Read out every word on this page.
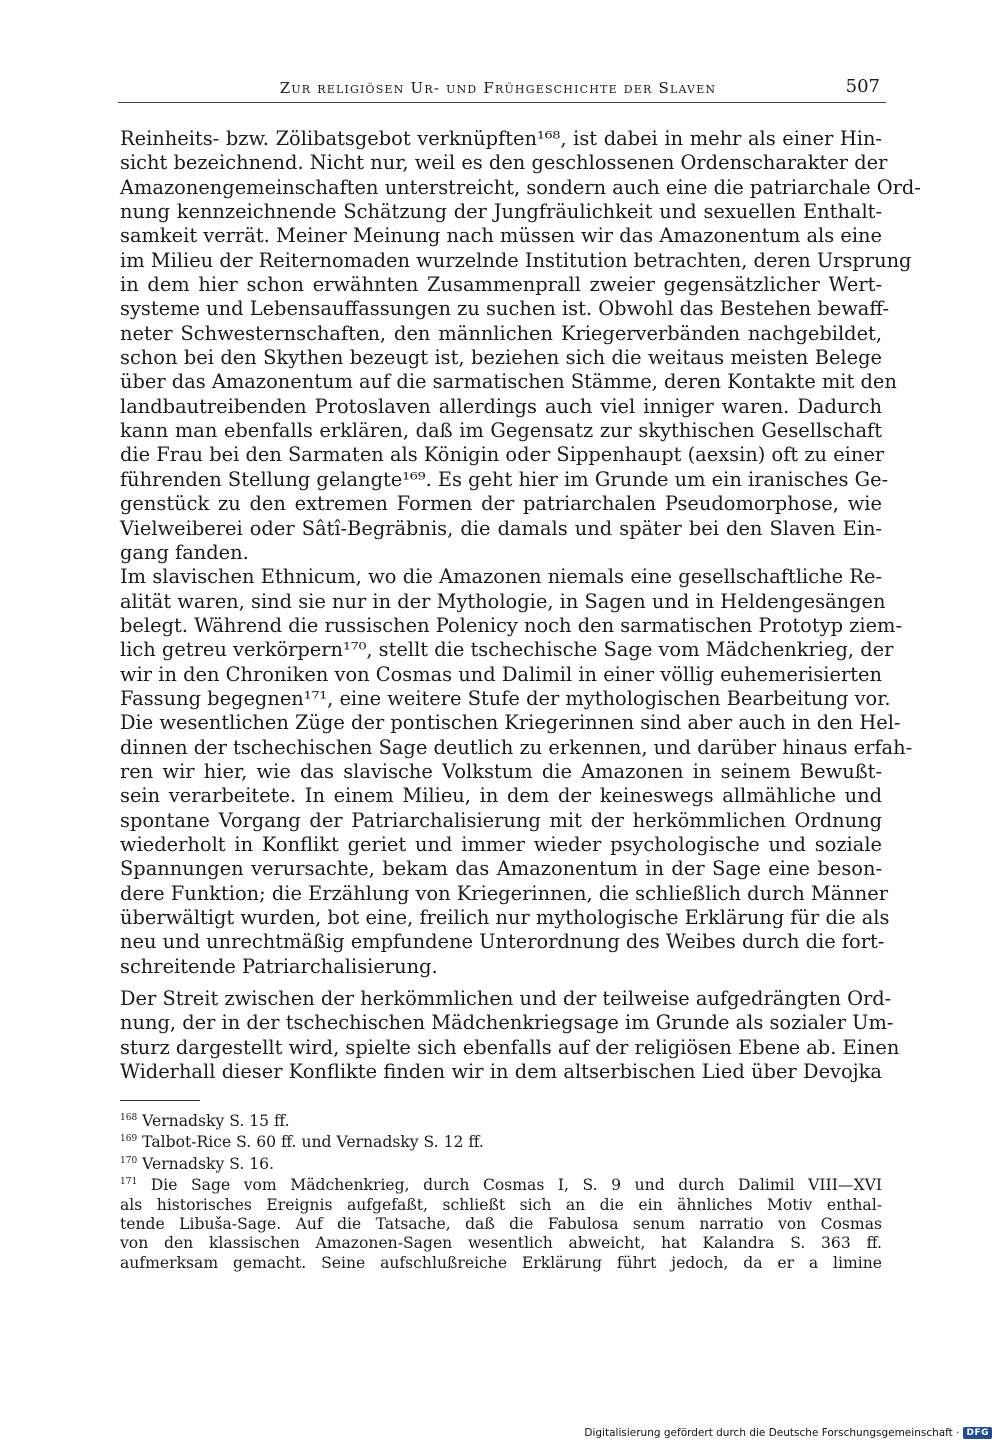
Zur religiösen Ur- und Frühgeschichte der Slaven	507

Reinheits- bzw. Zölibatsgebot verknüpften¹⁶⁸, ist dabei in mehr als einer Hin-
sicht bezeichnend. Nicht nur, weil es den geschlossenen Ordenscharakter der
Amazonengemeinschaften unterstreicht, sondern auch eine die patriarchale Ord-
nung kennzeichnende Schätzung der Jungfräulichkeit und sexuellen Enthalt-
samkeit verrät. Meiner Meinung nach müssen wir das Amazonentum als eine
im Milieu der Reiternomaden wurzelnde Institution betrachten, deren Ursprung
in dem hier schon erwähnten Zusammenprall zweier gegensätzlicher Wert-
systeme und Lebensauffassungen zu suchen ist. Obwohl das Bestehen bewaff-
neter Schwesternschaften, den männlichen Kriegerverbänden nachgebildet,
schon bei den Skythen bezeugt ist, beziehen sich die weitaus meisten Belege
über das Amazonentum auf die sarmatischen Stämme, deren Kontakte mit den
landbautreibenden Protoslaven allerdings auch viel inniger waren. Dadurch
kann man ebenfalls erklären, daß im Gegensatz zur skythischen Gesellschaft
die Frau bei den Sarmaten als Königin oder Sippenhaupt (aexsin) oft zu einer
führenden Stellung gelangte¹⁶⁹. Es geht hier im Grunde um ein iranisches Ge-
genstück zu den extremen Formen der patriarchalen Pseudomorphose, wie
Vielweiberei oder Sâtî-Begräbnis, die damals und später bei den Slaven Ein-
gang fanden.

Im slavischen Ethnicum, wo die Amazonen niemals eine gesellschaftliche Re-
alität waren, sind sie nur in der Mythologie, in Sagen und in Heldengesängen
belegt. Während die russischen Polenicy noch den sarmatischen Prototyp ziem-
lich getreu verkörpern¹⁷⁰, stellt die tschechische Sage vom Mädchenkrieg, der
wir in den Chroniken von Cosmas und Dalimil in einer völlig euhemerisierten
Fassung begegnen¹⁷¹, eine weitere Stufe der mythologischen Bearbeitung vor.
Die wesentlichen Züge der pontischen Kriegerinnen sind aber auch in den Hel-
dinnen der tschechischen Sage deutlich zu erkennen, und darüber hinaus erfah-
ren wir hier, wie das slavische Volkstum die Amazonen in seinem Bewußt-
sein verarbeitete. In einem Milieu, in dem der keineswegs allmähliche und
spontane Vorgang der Patriarchalisierung mit der herkömmlichen Ordnung
wiederholt in Konflikt geriet und immer wieder psychologische und soziale
Spannungen verursachte, bekam das Amazonentum in der Sage eine beson-
dere Funktion; die Erzählung von Kriegerinnen, die schließlich durch Männer
überwältigt wurden, bot eine, freilich nur mythologische Erklärung für die als
neu und unrechtmäßig empfundene Unterordnung des Weibes durch die fort-
schreitende Patriarchalisierung.

Der Streit zwischen der herkömmlichen und der teilweise aufgedrängten Ord-
nung, der in der tschechischen Mädchenkriegsage im Grunde als sozialer Um-
sturz dargestellt wird, spielte sich ebenfalls auf der religiösen Ebene ab. Einen
Widerhall dieser Konflikte finden wir in dem altserbischen Lied über Devojka

$^{168}$ Vernadsky S. 15 ff.
$^{169}$ Talbot-Rice S. 60 ff. und Vernadsky S. 12 ff.
$^{170}$ Vernadsky S. 16.
$^{171}$ Die Sage vom Mädchenkrieg, durch Cosmas I, S. 9 und durch Dalimil VIII—XVI
als historisches Ereignis aufgefaßt, schließt sich an die ein ähnliches Motiv enthal-
tende Libuša-Sage. Auf die Tatsache, daß die Fabulosa senum narratio von Cosmas
von den klassischen Amazonen-Sagen wesentlich abweicht, hat Kalandra S. 363 ff.
aufmerksam gemacht. Seine aufschlußreiche Erklärung führt jedoch, da er a limine
Digitalisierung gefördert durch die Deutsche Forschungsgemeinschaft · DFG
